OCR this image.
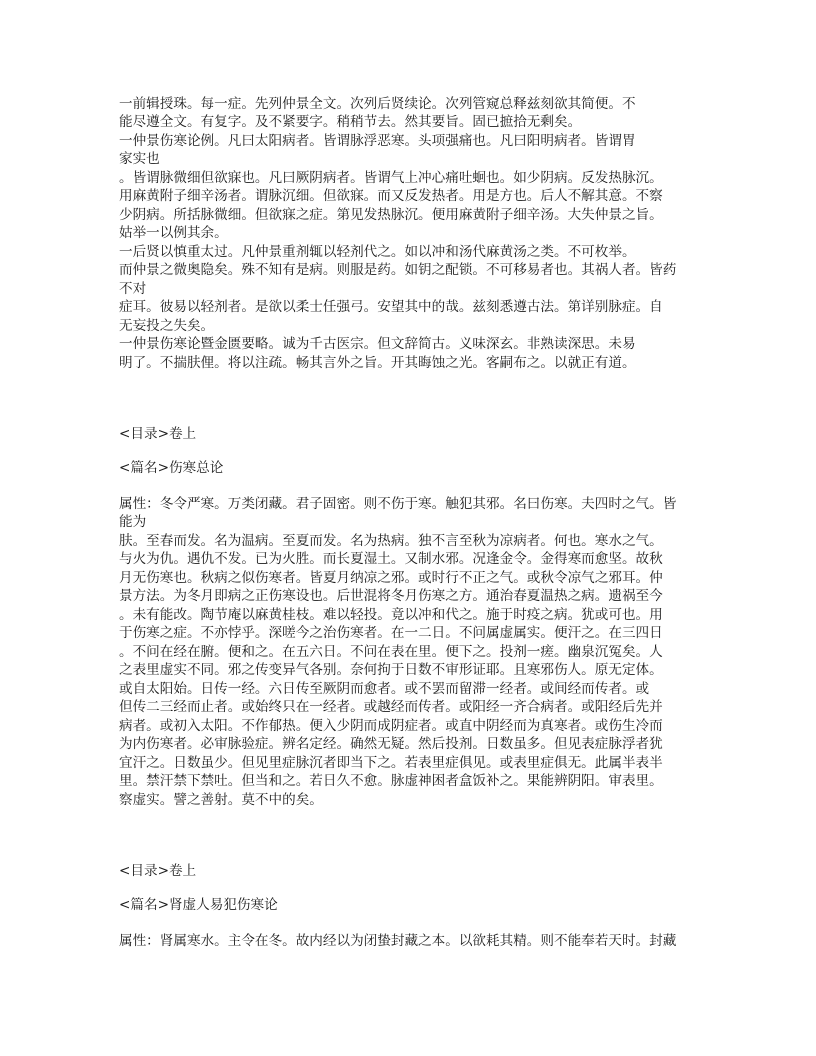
一前辑授珠。每一症。先列仲景全文。次列后贤续论。次列管窥总释兹刻欲其简便。不
能尽遵全文。有复字。及不紧要字。稍稍节去。然其要旨。固已摭拾无剩矣。
一仲景伤寒论例。凡曰太阳病者。皆谓脉浮恶寒。头项强痛也。凡曰阳明病者。皆谓胃
家实也
。皆谓脉微细但欲寐也。凡曰厥阴病者。皆谓气上冲心痛吐蛔也。如少阴病。反发热脉沉。
用麻黄附子细辛汤者。谓脉沉细。但欲寐。而又反发热者。用是方也。后人不解其意。不察
少阴病。所括脉微细。但欲寐之症。第见发热脉沉。便用麻黄附子细辛汤。大失仲景之旨。
姑举一以例其余。
一后贤以慎重太过。凡仲景重剂辄以轻剂代之。如以冲和汤代麻黄汤之类。不可枚举。
而仲景之微奥隐矣。殊不知有是病。则服是药。如钥之配锁。不可移易者也。其祸人者。皆药
不对
症耳。彼易以轻剂者。是欲以柔士任强弓。安望其中的哉。兹刻悉遵古法。第详别脉症。自
无妄投之失矣。
一仲景伤寒论暨金匮要略。诚为千古医宗。但文辞简古。义味深玄。非熟读深思。未易
明了。不揣肤俚。将以注疏。畅其言外之旨。开其晦蚀之光。客嗣布之。以就正有道。
<目录>卷上
<篇名>伤寒总论
属性：冬令严寒。万类闭藏。君子固密。则不伤于寒。触犯其邪。名曰伤寒。夫四时之气。皆
能为
肤。至春而发。名为温病。至夏而发。名为热病。独不言至秋为凉病者。何也。寒水之气。
与火为仇。遇仇不发。已为火胜。而长夏湿土。又制水邪。况逢金令。金得寒而愈坚。故秋
月无伤寒也。秋病之似伤寒者。皆夏月纳凉之邪。或时行不正之气。或秋令凉气之邪耳。仲
景方法。为冬月即病之正伤寒设也。后世混将冬月伤寒之方。通治春夏温热之病。遗祸至今
。未有能改。陶节庵以麻黄桂枝。难以轻投。竟以冲和代之。施于时疫之病。犹或可也。用
于伤寒之症。不亦悖乎。深嗟今之治伤寒者。在一二日。不问属虚属实。便汗之。在三四日
。不问在经在腑。便和之。在五六日。不问在表在里。便下之。投剂一瘥。幽泉沉冤矣。人
之表里虚实不同。邪之传变异气各别。奈何拘于日数不审形证耶。且寒邪伤人。原无定体。
或自太阳始。日传一经。六日传至厥阴而愈者。或不罢而留滞一经者。或间经而传者。或
但传二三经而止者。或始终只在一经者。或越经而传者。或阳经一齐合病者。或阳经后先并
病者。或初入太阳。不作郁热。便入少阴而成阴症者。或直中阴经而为真寒者。或伤生冷而
为内伤寒者。必审脉验症。辨名定经。确然无疑。然后投剂。日数虽多。但见表症脉浮者犹
宜汗之。日数虽少。但见里症脉沉者即当下之。若表里症俱见。或表里症俱无。此属半表半
里。禁汗禁下禁吐。但当和之。若日久不愈。脉虚神困者盒饭补之。果能辨阴阳。审表里。
察虚实。譬之善射。莫不中的矣。
<目录>卷上
<篇名>肾虚人易犯伤寒论
属性：肾属寒水。主令在冬。故内经以为闭蛰封藏之本。以欲耗其精。则不能奉若天时。封藏
